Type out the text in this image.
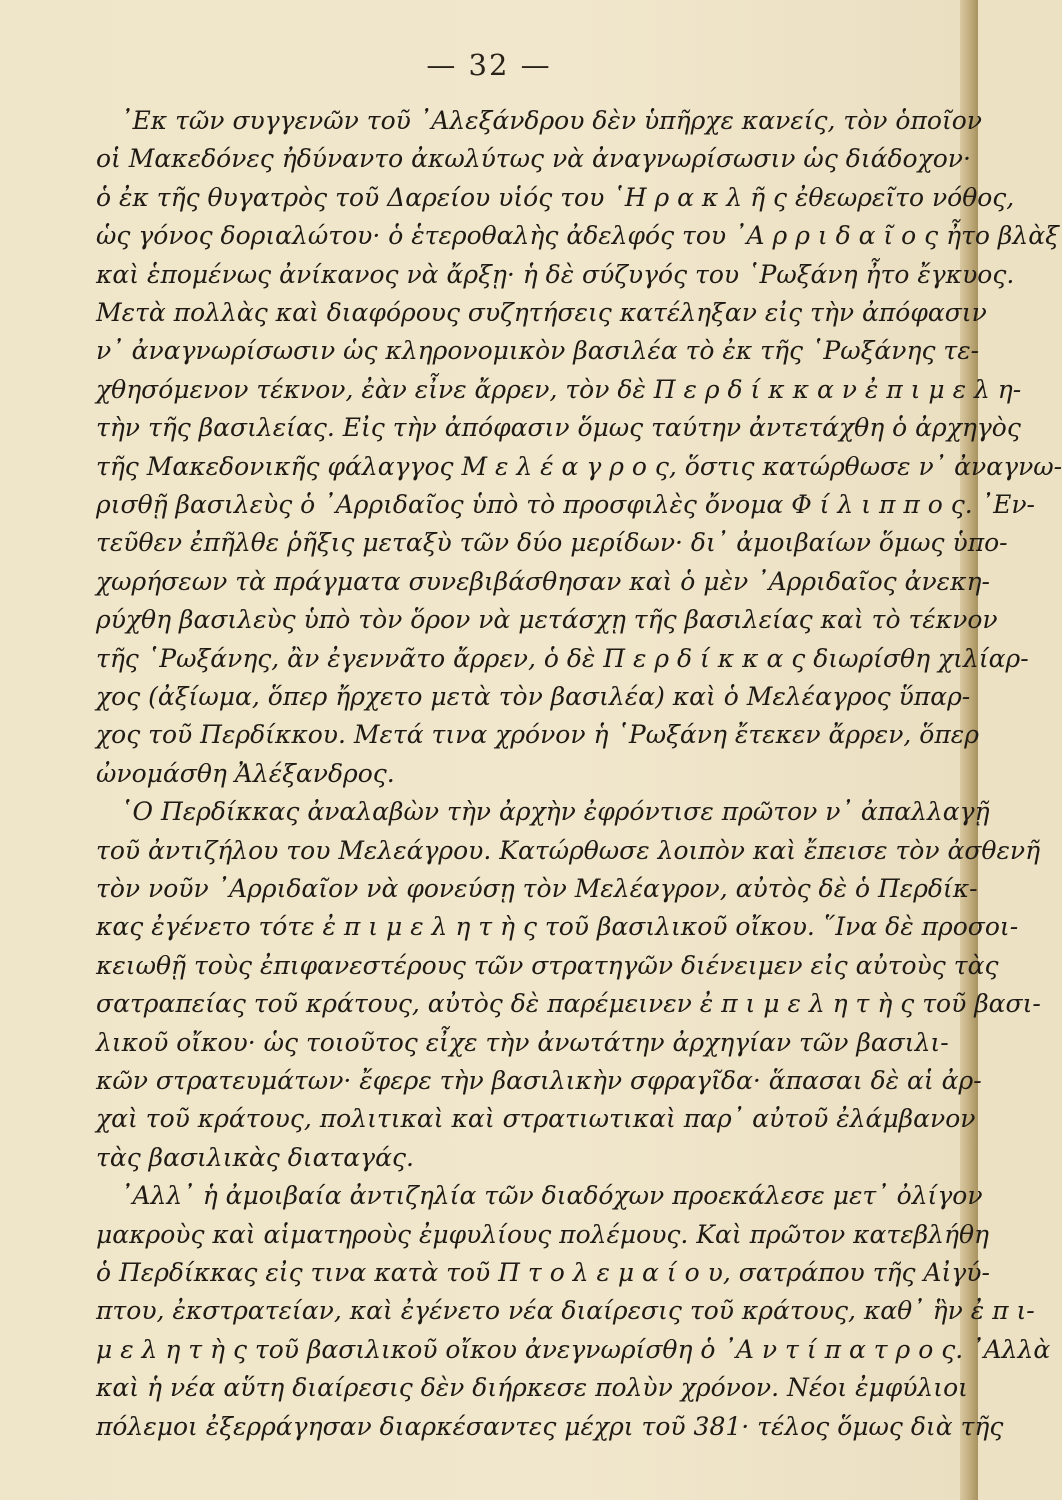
— 32 —
᾿Εκ τῶν συγγενῶν τοῦ ᾿Αλεξάνδρου δὲν ὑπῆρχε κανείς, τὸν ὁποῖον
οἱ Μακεδόνες ἠδύναντο ἀκωλύτως νὰ ἀναγνωρίσωσιν ὡς διάδοχον·
ὁ ἐκ τῆς θυγατρὸς τοῦ Δαρείου υἱός του ῾Η ρ α κ λ ῆ ς ἐθεωρεῖτο νόθος,
ὡς γόνος δοριαλώτου· ὁ ἑτεροθαλὴς ἀδελφός του ᾿Α ρ ρ ι δ α ῖ ο ς ἦτο βλὰξ
καὶ ἑπομένως ἀνίκανος νὰ ἄρξῃ· ἡ δὲ σύζυγός του ῾Ρωξάνη ἦτο ἔγκυος.
Μετὰ πολλὰς καὶ διαφόρους συζητήσεις κατέληξαν εἰς τὴν ἀπόφασιν
ν᾿ ἀναγνωρίσωσιν ὡς κληρονομικὸν βασιλέα τὸ ἐκ τῆς ῾Ρωξάνης τε-
χθησόμενον τέκνον, ἐὰν εἶνε ἄρρεν, τὸν δὲ Π ε ρ δ ί κ κ α ν ἐ π ι μ ε λ η-
τὴν τῆς βασιλείας. Εἰς τὴν ἀπόφασιν ὅμως ταύτην ἀντετάχθη ὁ ἀρχηγὸς
τῆς Μακεδονικῆς φάλαγγος Μ ε λ έ α γ ρ ο ς, ὅστις κατώρθωσε ν᾿ ἀναγνω-
ρισθῇ βασιλεὺς ὁ ᾿Αρριδαῖος ὑπὸ τὸ προσφιλὲς ὄνομα Φ ί λ ι π π ο ς. ᾿Εν-
τεῦθεν ἐπῆλθε ῥῆξις μεταξὺ τῶν δύο μερίδων· δι᾿ ἀμοιβαίων ὅμως ὑπο-
χωρήσεων τὰ πράγματα συνεβιβάσθησαν καὶ ὁ μὲν ᾿Αρριδαῖος ἀνεκη-
ρύχθη βασιλεὺς ὑπὸ τὸν ὅρον νὰ μετάσχῃ τῆς βασιλείας καὶ τὸ τέκνον
τῆς ῾Ρωξάνης, ἂν ἐγεννᾶτο ἄρρεν, ὁ δὲ Π ε ρ δ ί κ κ α ς διωρίσθη χιλίαρ-
χος (ἀξίωμα, ὅπερ ἤρχετο μετὰ τὸν βασιλέα) καὶ ὁ Μελέαγρος ὕπαρ-
χος τοῦ Περδίκκου. Μετά τινα χρόνον ἡ ῾Ρωξάνη ἔτεκεν ἄρρεν, ὅπερ
ὠνομάσθη Ἀλέξανδρος.
῾Ο Περδίκκας ἀναλαβὼν τὴν ἀρχὴν ἐφρόντισε πρῶτον ν᾿ ἀπαλλαγῇ
τοῦ ἀντιζήλου του Μελεάγρου. Κατώρθωσε λοιπὸν καὶ ἔπεισε τὸν ἀσθενῆ
τὸν νοῦν ᾿Αρριδαῖον νὰ φονεύσῃ τὸν Μελέαγρον, αὐτὸς δὲ ὁ Περδίκ-
κας ἐγένετο τότε ἐ π ι μ ε λ η τ ὴ ς τοῦ βασιλικοῦ οἴκου. ῞Ινα δὲ προσοι-
κειωθῇ τοὺς ἐπιφανεστέρους τῶν στρατηγῶν διένειμεν εἰς αὐτοὺς τὰς
σατραπείας τοῦ κράτους, αὐτὸς δὲ παρέμεινεν ἐ π ι μ ε λ η τ ὴ ς τοῦ βασι-
λικοῦ οἴκου· ὡς τοιοῦτος εἶχε τὴν ἀνωτάτην ἀρχηγίαν τῶν βασιλι-
κῶν στρατευμάτων· ἔφερε τὴν βασιλικὴν σφραγῖδα· ἅπασαι δὲ αἱ ἀρ-
χαὶ τοῦ κράτους, πολιτικαὶ καὶ στρατιωτικαὶ παρ᾿ αὐτοῦ ἐλάμβανον
τὰς βασιλικὰς διαταγάς.
᾿Αλλ᾿ ἡ ἀμοιβαία ἀντιζηλία τῶν διαδόχων προεκάλεσε μετ᾿ ὀλίγον
μακροὺς καὶ αἱματηροὺς ἐμφυλίους πολέμους. Καὶ πρῶτον κατεβλήθη
ὁ Περδίκκας εἰς τινα κατὰ τοῦ Π τ ο λ ε μ α ί ο υ, σατράπου τῆς Αἰγύ-
πτου, ἐκστρατείαν, καὶ ἐγένετο νέα διαίρεσις τοῦ κράτους, καθ᾿ ἣν ἐ π ι-
μ ε λ η τ ὴ ς τοῦ βασιλικοῦ οἴκου ἀνεγνωρίσθη ὁ ᾿Α ν τ ί π α τ ρ ο ς. ᾿Αλλὰ
καὶ ἡ νέα αὕτη διαίρεσις δὲν διήρκεσε πολὺν χρόνον. Νέοι ἐμφύλιοι
πόλεμοι ἐξερράγησαν διαρκέσαντες μέχρι τοῦ 381· τέλος ὅμως διὰ τῆς
